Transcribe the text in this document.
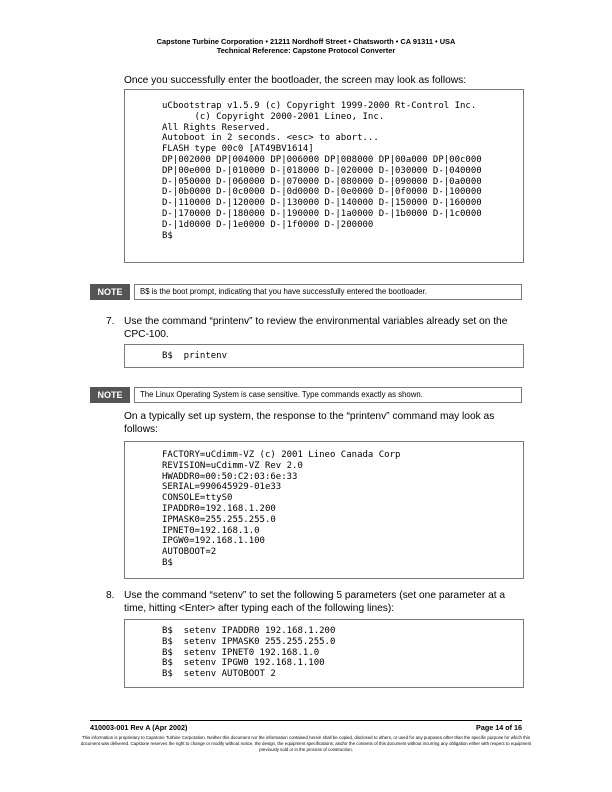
Capstone Turbine Corporation • 21211 Nordhoff Street • Chatsworth • CA 91311 • USA
Technical Reference: Capstone Protocol Converter
Once you successfully enter the bootloader, the screen may look as follows:
uCbootstrap v1.5.9 (c) Copyright 1999-2000 Rt-Control Inc.
(c) Copyright 2000-2001 Lineo, Inc.
All Rights Reserved.
Autoboot in 2 seconds. <esc> to abort...
FLASH type 00c0 [AT49BV1614]
DP|002000 DP|004000 DP|006000 DP|008000 DP|00a000 DP|00c000
DP|00e000 D-|010000 D-|018000 D-|020000 D-|030000 D-|040000
D-|050000 D-|060000 D-|070000 D-|080000 D-|090000 D-|0a0000
D-|0b0000 D-|0c0000 D-|0d0000 D-|0e0000 D-|0f0000 D-|100000
D-|110000 D-|120000 D-|130000 D-|140000 D-|150000 D-|160000
D-|170000 D-|180000 D-|190000 D-|1a0000 D-|1b0000 D-|1c0000
D-|1d0000 D-|1e0000 D-|1f0000 D-|200000
B$
NOTE	B$ is the boot prompt, indicating that you have successfully entered the bootloader.
7. Use the command “printenv” to review the environmental variables already set on the CPC-100.
B$  printenv
NOTE	The Linux Operating System is case sensitive. Type commands exactly as shown.
On a typically set up system, the response to the “printenv” command may look as follows:
FACTORY=uCdimm-VZ (c) 2001 Lineo Canada Corp
REVISION=uCdimm-VZ Rev 2.0
HWADDR0=00:50:C2:03:6e:33
SERIAL=990645929-01e33
CONSOLE=ttyS0
IPADDR0=192.168.1.200
IPMASK0=255.255.255.0
IPNET0=192.168.1.0
IPGW0=192.168.1.100
AUTOBOOT=2
B$
8. Use the command “setenv” to set the following 5 parameters (set one parameter at a time, hitting <Enter> after typing each of the following lines):
B$  setenv IPADDR0 192.168.1.200
B$  setenv IPMASK0 255.255.255.0
B$  setenv IPNET0 192.168.1.0
B$  setenv IPGW0 192.168.1.100
B$  setenv AUTOBOOT 2
410003-001 Rev A (Apr 2002)	Page 14 of 16
This information is proprietary to Capstone Turbine Corporation. Neither this document nor the information contained herein shall be copied, disclosed to others, or used for any purposes other than the specific purpose for which this document was delivered. Capstone reserves the right to change or modify without notice, the design, the equipment specifications, and/or the contents of this document without incurring any obligation either with respect to equipment previously sold or in the process of construction.
